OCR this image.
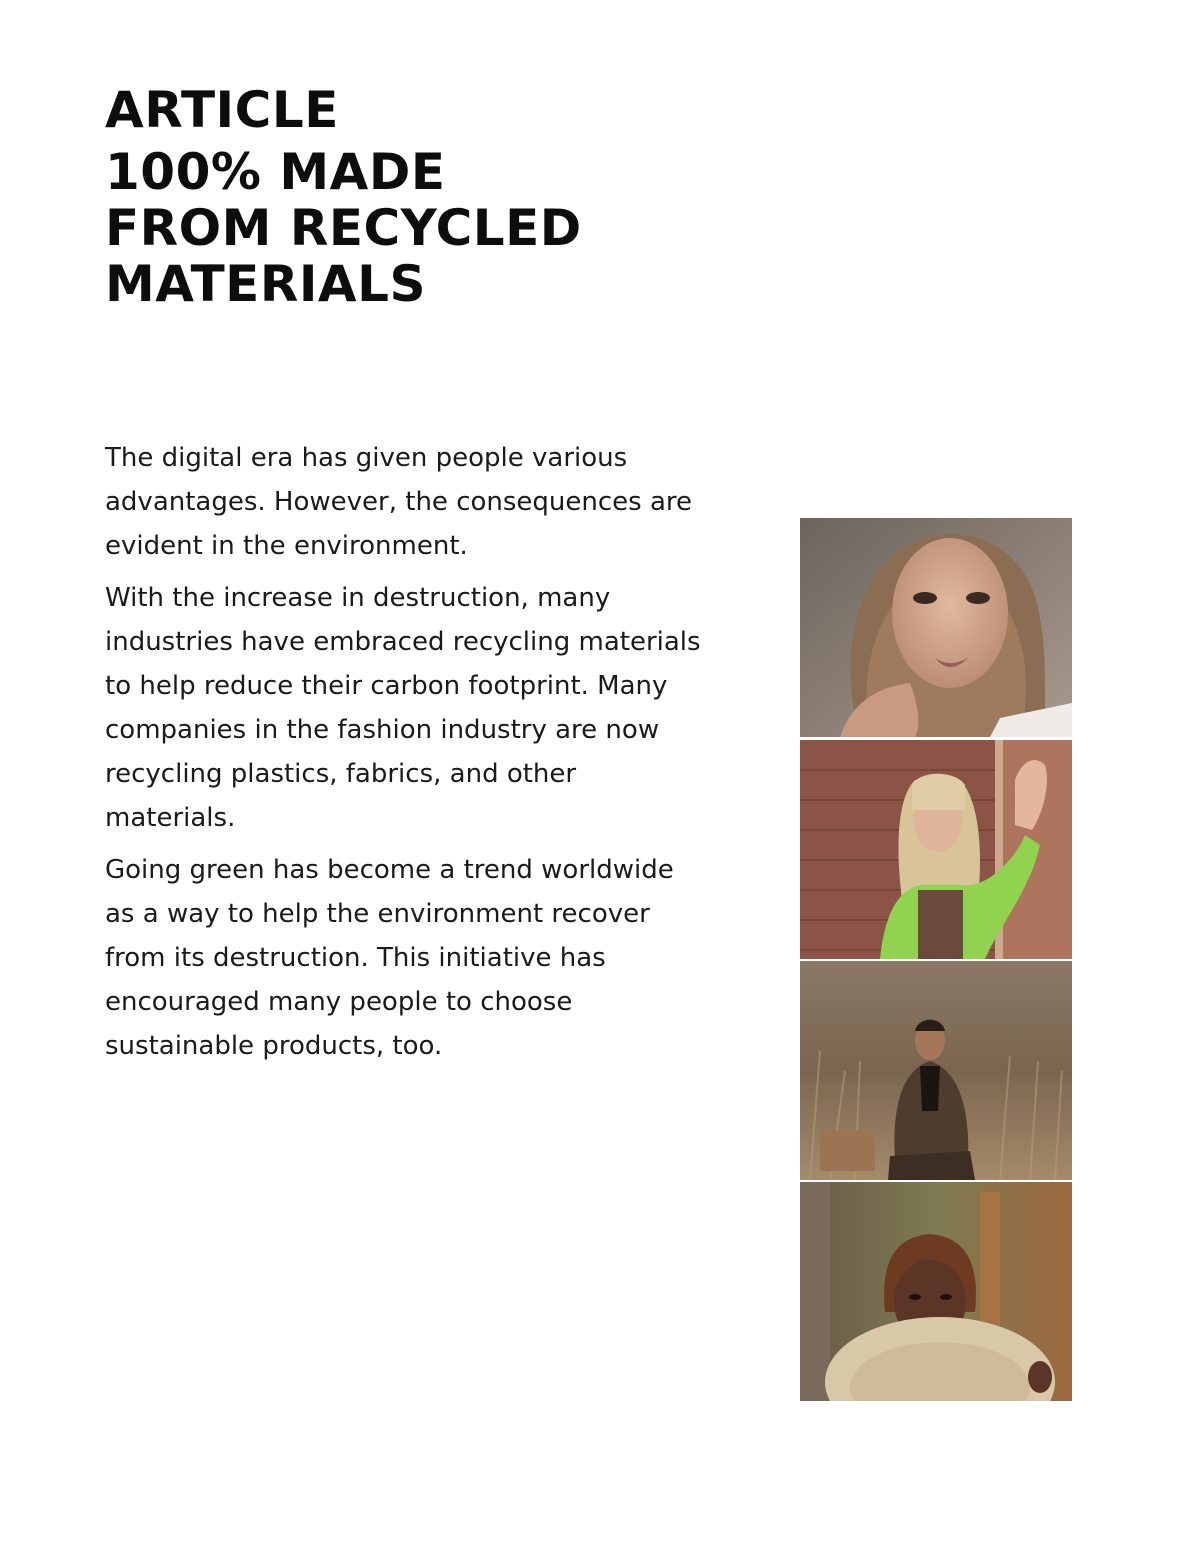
ARTICLE
100% MADE
FROM RECYCLED
MATERIALS

The digital era has given people various advantages. However, the consequences are evident in the environment.

With the increase in destruction, many industries have embraced recycling materials to help reduce their carbon footprint. Many companies in the fashion industry are now recycling plastics, fabrics, and other materials.

Going green has become a trend worldwide as a way to help the environment recover from its destruction. This initiative has encouraged many people to choose sustainable products, too.
